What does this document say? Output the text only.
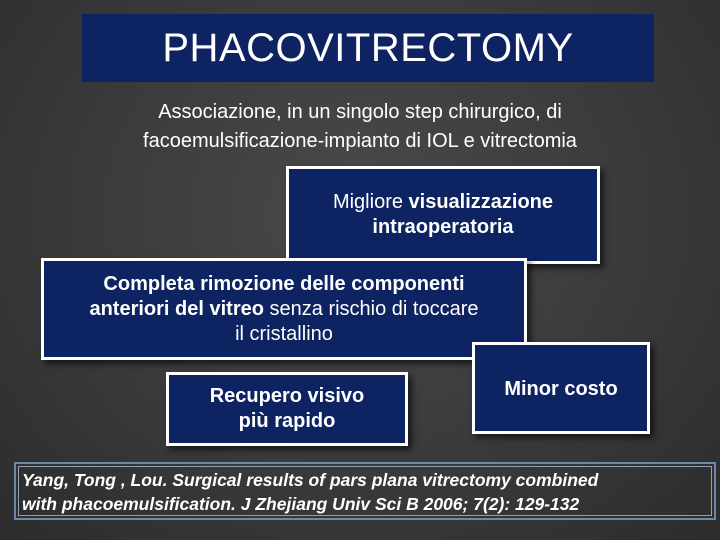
PHACOVITRECTOMY
Associazione, in un singolo step chirurgico, di
facoemulsificazione-impianto di IOL e vitrectomia
Migliore visualizzazione
intraoperatoria
Completa rimozione delle componenti
anteriori del vitreo senza rischio di toccare
il cristallino
Recupero visivo
più rapido
Minor costo
Yang, Tong , Lou. Surgical results of pars plana vitrectomy combined
with phacoemulsification. J Zhejiang Univ Sci B 2006; 7(2): 129-132
